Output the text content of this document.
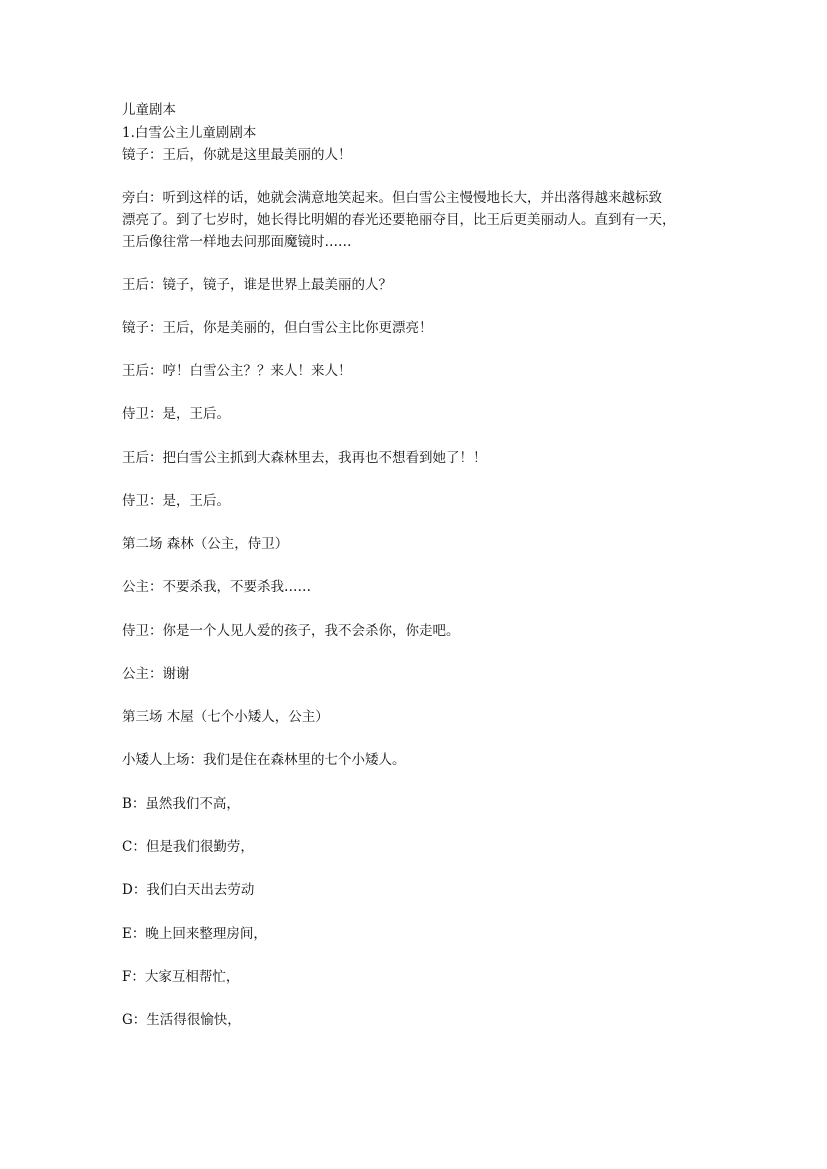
儿童剧本
1.白雪公主儿童剧剧本
镜子：王后，你就是这里最美丽的人！
旁白：听到这样的话，她就会满意地笑起来。但白雪公主慢慢地长大，并出落得越来越标致
漂亮了。到了七岁时，她长得比明媚的春光还要艳丽夺目，比王后更美丽动人。直到有一天，
王后像往常一样地去问那面魔镜时……
王后：镜子，镜子，谁是世界上最美丽的人？
镜子：王后，你是美丽的，但白雪公主比你更漂亮！
王后：哼！白雪公主？？来人！来人！
侍卫：是，王后。
王后：把白雪公主抓到大森林里去，我再也不想看到她了！！
侍卫：是，王后。
第二场 森林（公主，侍卫）
公主：不要杀我，不要杀我……
侍卫：你是一个人见人爱的孩子，我不会杀你，你走吧。
公主：谢谢
第三场 木屋（七个小矮人，公主）
小矮人上场：我们是住在森林里的七个小矮人。
B：虽然我们不高，
C：但是我们很勤劳，
D：我们白天出去劳动
E：晚上回来整理房间，
F：大家互相帮忙，
G：生活得很愉快，
